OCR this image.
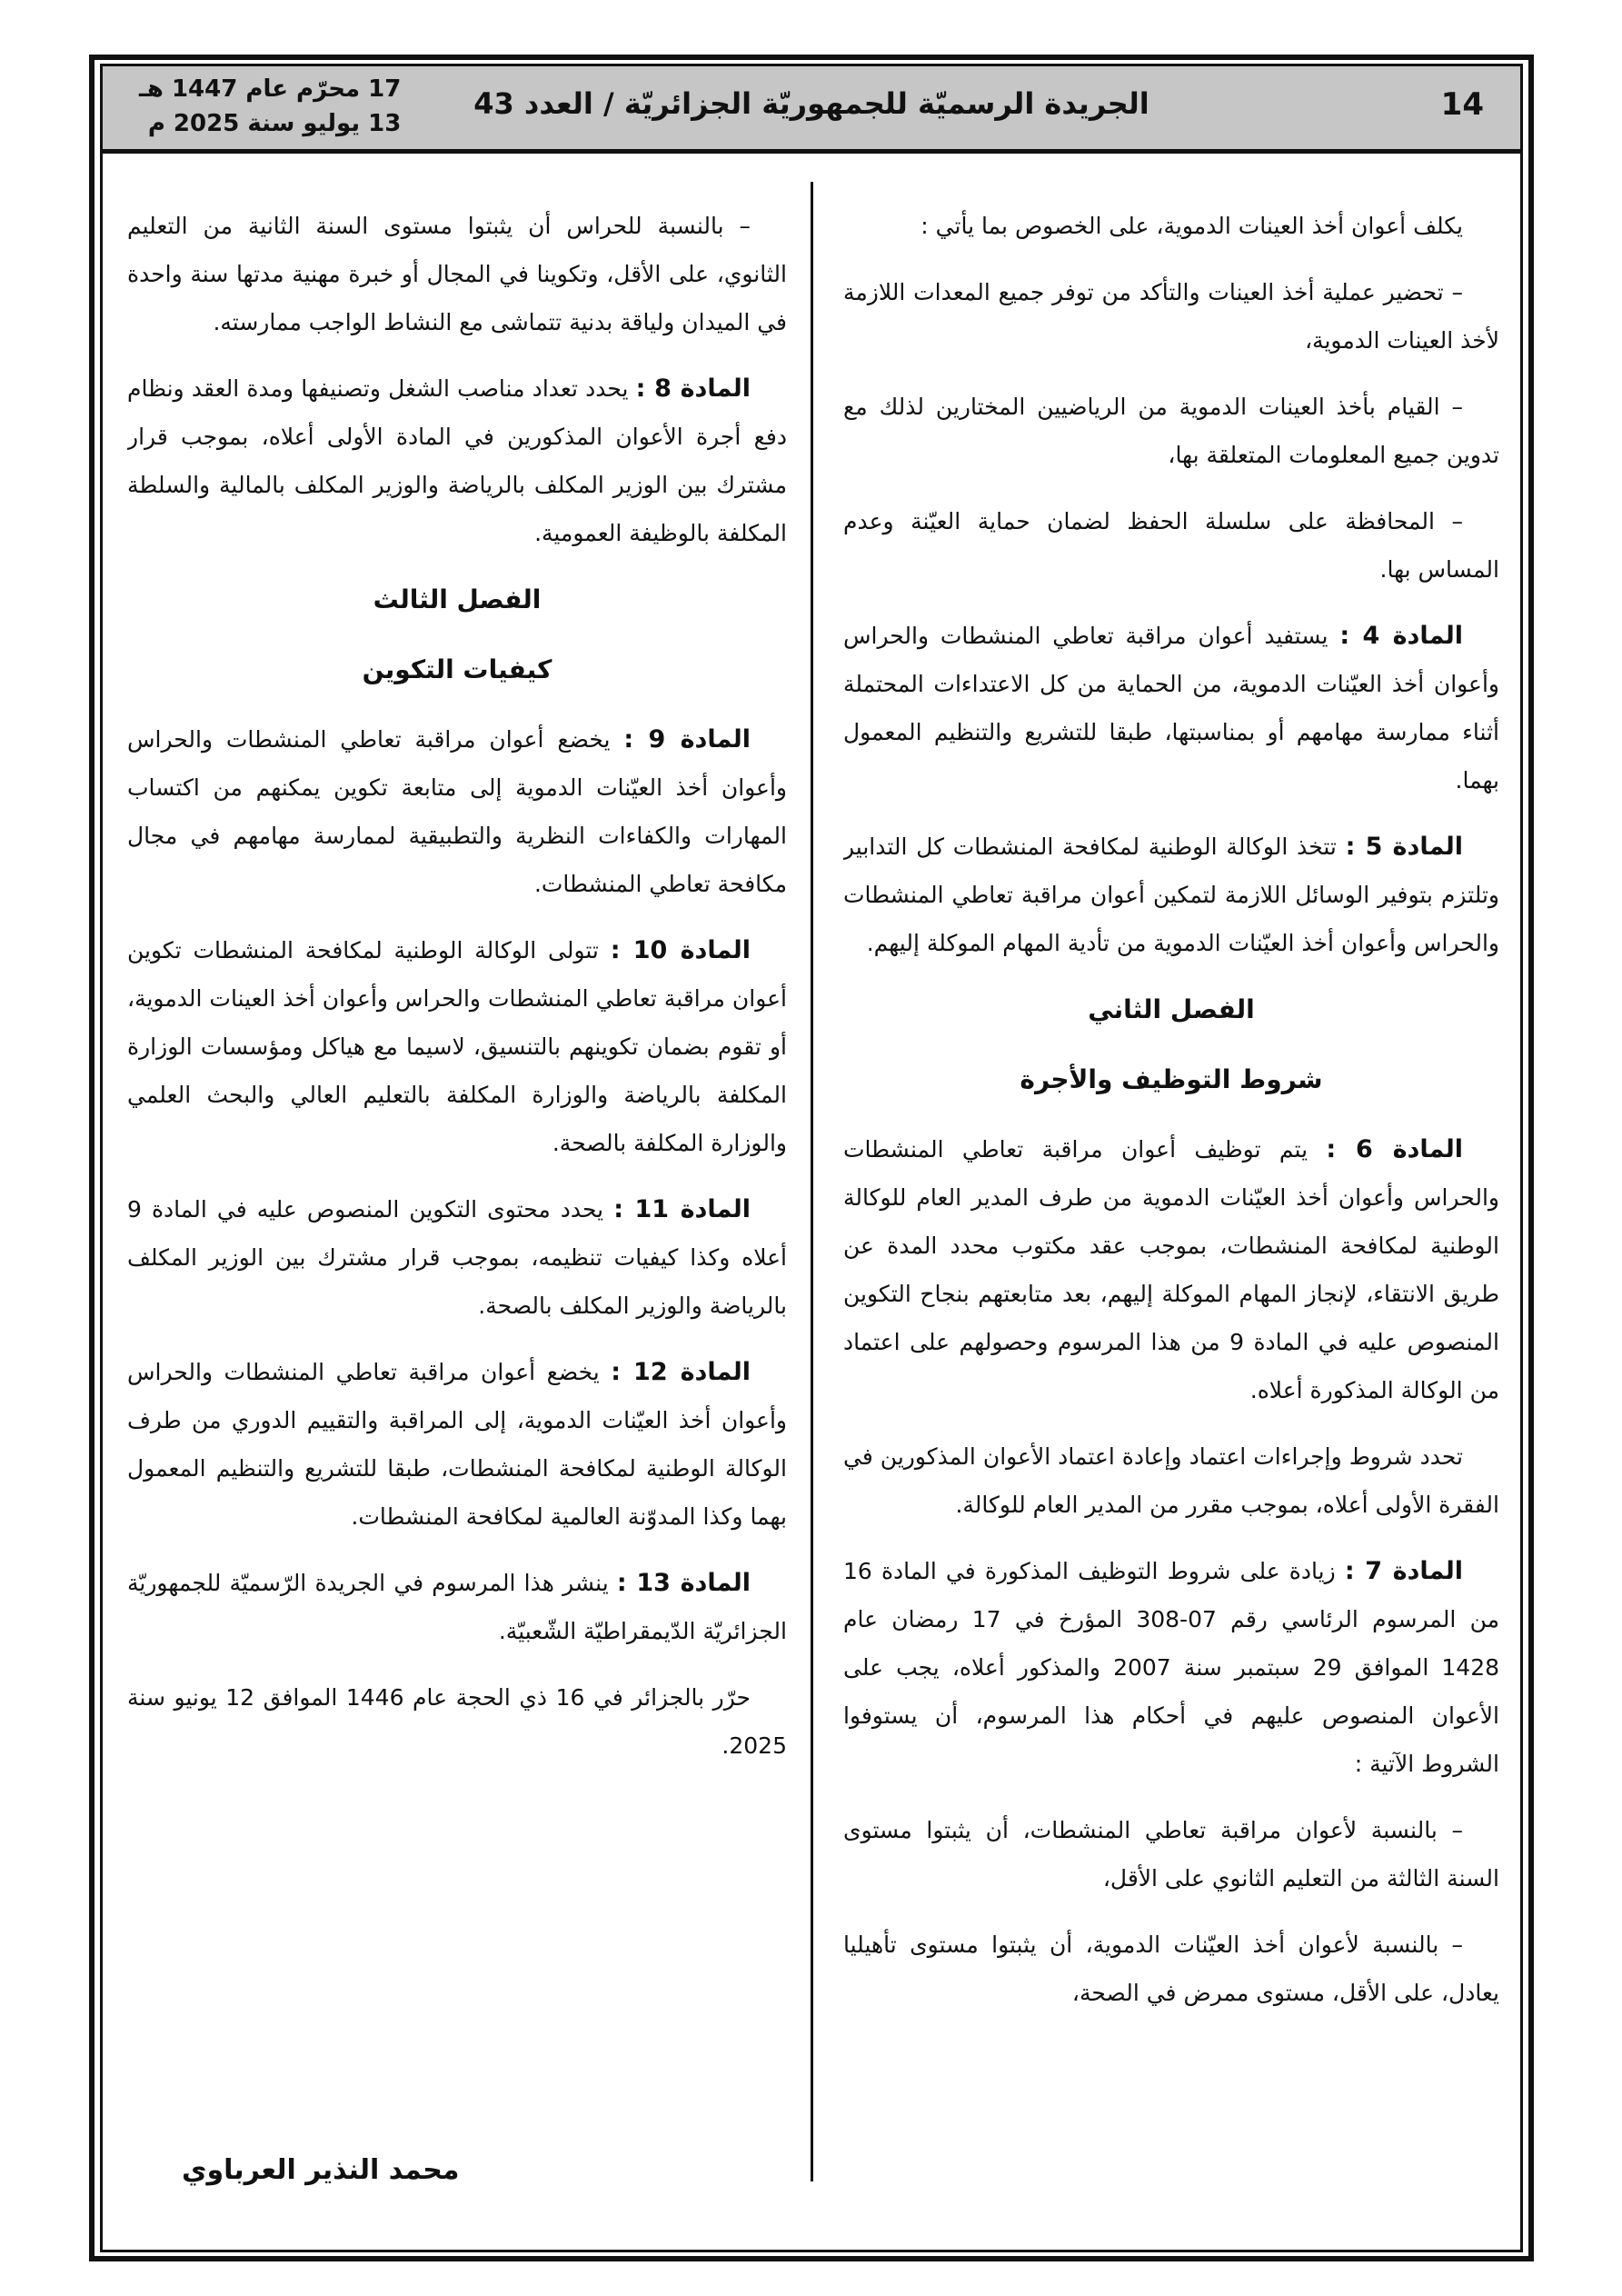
14
الجريدة الرسميّة للجمهوريّة الجزائريّة / العدد 43
17 محرّم عام 1447 هـ
13 يوليو سنة 2025 م

يكلف أعوان أخذ العينات الدموية، على الخصوص بما يأتي :

– تحضير عملية أخذ العينات والتأكد من توفر جميع المعدات اللازمة لأخذ العينات الدموية،

– القيام بأخذ العينات الدموية من الرياضيين المختارين لذلك مع تدوين جميع المعلومات المتعلقة بها،

– المحافظة على سلسلة الحفظ لضمان حماية العيّنة وعدم المساس بها.

المادة 4 : يستفيد أعوان مراقبة تعاطي المنشطات والحراس وأعوان أخذ العيّنات الدموية، من الحماية من كل الاعتداءات المحتملة أثناء ممارسة مهامهم أو بمناسبتها، طبقا للتشريع والتنظيم المعمول بهما.

المادة 5 : تتخذ الوكالة الوطنية لمكافحة المنشطات كل التدابير وتلتزم بتوفير الوسائل اللازمة لتمكين أعوان مراقبة تعاطي المنشطات والحراس وأعوان أخذ العيّنات الدموية من تأدية المهام الموكلة إليهم.

الفصل الثاني
شروط التوظيف والأجرة

المادة 6 : يتم توظيف أعوان مراقبة تعاطي المنشطات والحراس وأعوان أخذ العيّنات الدموية من طرف المدير العام للوكالة الوطنية لمكافحة المنشطات، بموجب عقد مكتوب محدد المدة عن طريق الانتقاء، لإنجاز المهام الموكلة إليهم، بعد متابعتهم بنجاح التكوين المنصوص عليه في المادة 9 من هذا المرسوم وحصولهم على اعتماد من الوكالة المذكورة أعلاه.

تحدد شروط وإجراءات اعتماد وإعادة اعتماد الأعوان المذكورين في الفقرة الأولى أعلاه، بموجب مقرر من المدير العام للوكالة.

المادة 7 : زيادة على شروط التوظيف المذكورة في المادة 16 من المرسوم الرئاسي رقم 07-308 المؤرخ في 17 رمضان عام 1428 الموافق 29 سبتمبر سنة 2007 والمذكور أعلاه، يجب على الأعوان المنصوص عليهم في أحكام هذا المرسوم، أن يستوفوا الشروط الآتية :

– بالنسبة لأعوان مراقبة تعاطي المنشطات، أن يثبتوا مستوى السنة الثالثة من التعليم الثانوي على الأقل،

– بالنسبة لأعوان أخذ العيّنات الدموية، أن يثبتوا مستوى تأهيليا يعادل، على الأقل، مستوى ممرض في الصحة،

– بالنسبة للحراس أن يثبتوا مستوى السنة الثانية من التعليم الثانوي، على الأقل، وتكوينا في المجال أو خبرة مهنية مدتها سنة واحدة في الميدان ولياقة بدنية تتماشى مع النشاط الواجب ممارسته.

المادة 8 : يحدد تعداد مناصب الشغل وتصنيفها ومدة العقد ونظام دفع أجرة الأعوان المذكورين في المادة الأولى أعلاه، بموجب قرار مشترك بين الوزير المكلف بالرياضة والوزير المكلف بالمالية والسلطة المكلفة بالوظيفة العمومية.

الفصل الثالث
كيفيات التكوين

المادة 9 : يخضع أعوان مراقبة تعاطي المنشطات والحراس وأعوان أخذ العيّنات الدموية إلى متابعة تكوين يمكنهم من اكتساب المهارات والكفاءات النظرية والتطبيقية لممارسة مهامهم في مجال مكافحة تعاطي المنشطات.

المادة 10 : تتولى الوكالة الوطنية لمكافحة المنشطات تكوين أعوان مراقبة تعاطي المنشطات والحراس وأعوان أخذ العينات الدموية، أو تقوم بضمان تكوينهم بالتنسيق، لاسيما مع هياكل ومؤسسات الوزارة المكلفة بالرياضة والوزارة المكلفة بالتعليم العالي والبحث العلمي والوزارة المكلفة بالصحة.

المادة 11 : يحدد محتوى التكوين المنصوص عليه في المادة 9 أعلاه وكذا كيفيات تنظيمه، بموجب قرار مشترك بين الوزير المكلف بالرياضة والوزير المكلف بالصحة.

المادة 12 : يخضع أعوان مراقبة تعاطي المنشطات والحراس وأعوان أخذ العيّنات الدموية، إلى المراقبة والتقييم الدوري من طرف الوكالة الوطنية لمكافحة المنشطات، طبقا للتشريع والتنظيم المعمول بهما وكذا المدوّنة العالمية لمكافحة المنشطات.

المادة 13 : ينشر هذا المرسوم في الجريدة الرّسميّة للجمهوريّة الجزائريّة الدّيمقراطيّة الشّعبيّة.

حرّر بالجزائر في 16 ذي الحجة عام 1446 الموافق 12 يونيو سنة 2025.

محمد النذير العرباوي
